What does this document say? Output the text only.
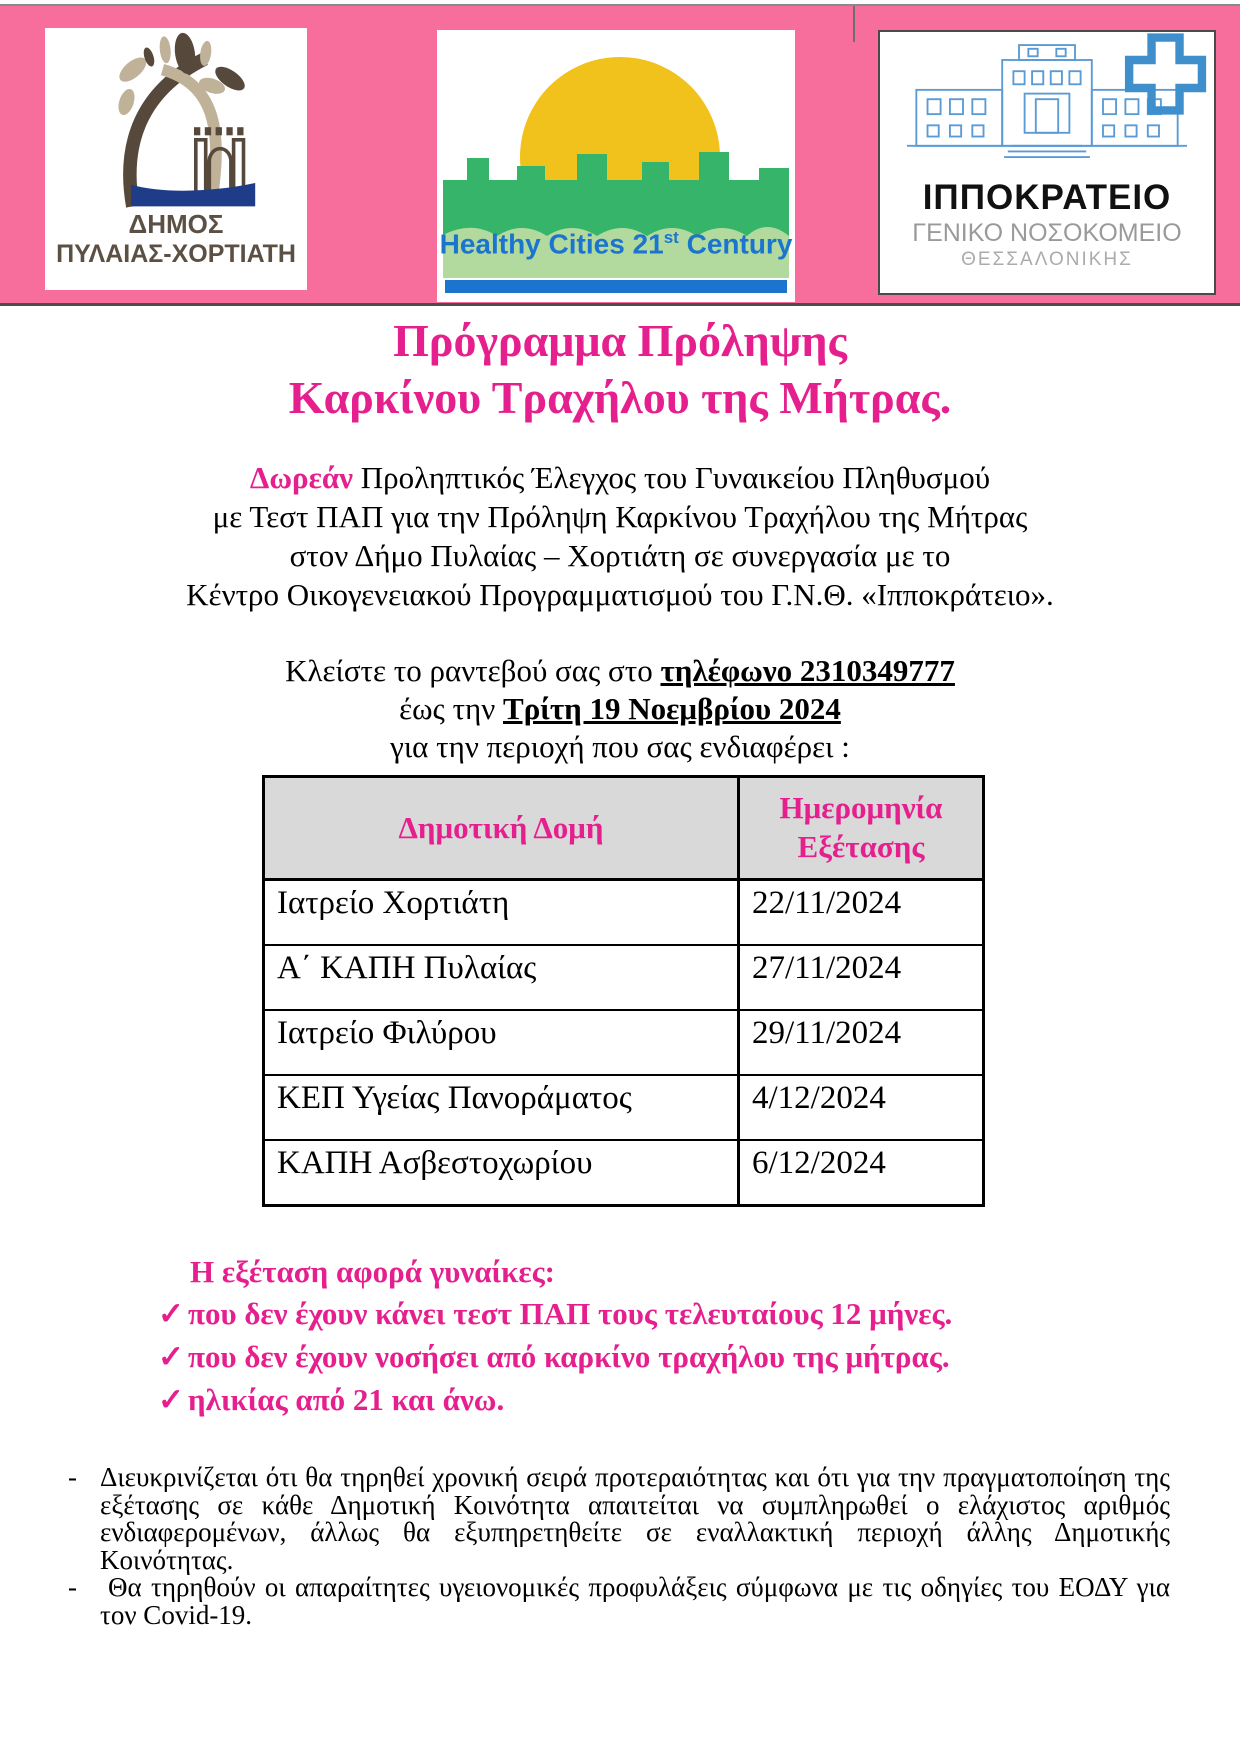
ΔΗΜΟΣ
ΠΥΛΑΙΑΣ-ΧΟΡΤΙΑΤΗ	Healthy Cities 21st Century
ΙΠΠΟΚΡΑΤΕΙΟ
ΓΕΝΙΚΟ ΝΟΣΟΚΟΜΕΙΟ
ΘΕΣΣΑΛΟΝΙΚΗΣ
Πρόγραμμα Πρόληψης
Καρκίνου Τραχήλου της Μήτρας.
Δωρεάν Προληπτικός Έλεγχος του Γυναικείου Πληθυσμού
με Τεστ ΠΑΠ για την Πρόληψη Καρκίνου Τραχήλου της Μήτρας
στον Δήμο Πυλαίας – Χορτιάτη σε συνεργασία με το
Κέντρο Οικογενειακού Προγραμματισμού του Γ.Ν.Θ. «Ιπποκράτειο».
Κλείστε το ραντεβού σας στο τηλέφωνο 2310349777
έως την Τρίτη 19 Νοεμβρίου 2024
για την περιοχή που σας ενδιαφέρει :
Δημοτική Δομή	Ημερομηνία
Εξέτασης

Ιατρείο Χορτιάτη	22/11/2024
Α΄ ΚΑΠΗ Πυλαίας	27/11/2024
Ιατρείο Φιλύρου	29/11/2024
ΚΕΠ Υγείας Πανοράματος	4/12/2024
ΚΑΠΗ Ασβεστοχωρίου	6/12/2024
Η εξέταση αφορά γυναίκες:
✓ που δεν έχουν κάνει τεστ ΠΑΠ τους τελευταίους 12 μήνες.
✓ που δεν έχουν νοσήσει από καρκίνο τραχήλου της μήτρας.
✓ ηλικίας από 21 και άνω.
- Διευκρινίζεται ότι θα τηρηθεί χρονική σειρά προτεραιότητας και ότι για την πραγματοποίηση της εξέτασης σε κάθε Δημοτική Κοινότητα απαιτείται να συμπληρωθεί ο ελάχιστος αριθμός ενδιαφερομένων, άλλως θα εξυπηρετηθείτε σε εναλλακτική περιοχή άλλης Δημοτικής Κοινότητας.
- Θα τηρηθούν οι απαραίτητες υγειονομικές προφυλάξεις σύμφωνα με τις οδηγίες του ΕΟΔΥ για τον Covid-19.
